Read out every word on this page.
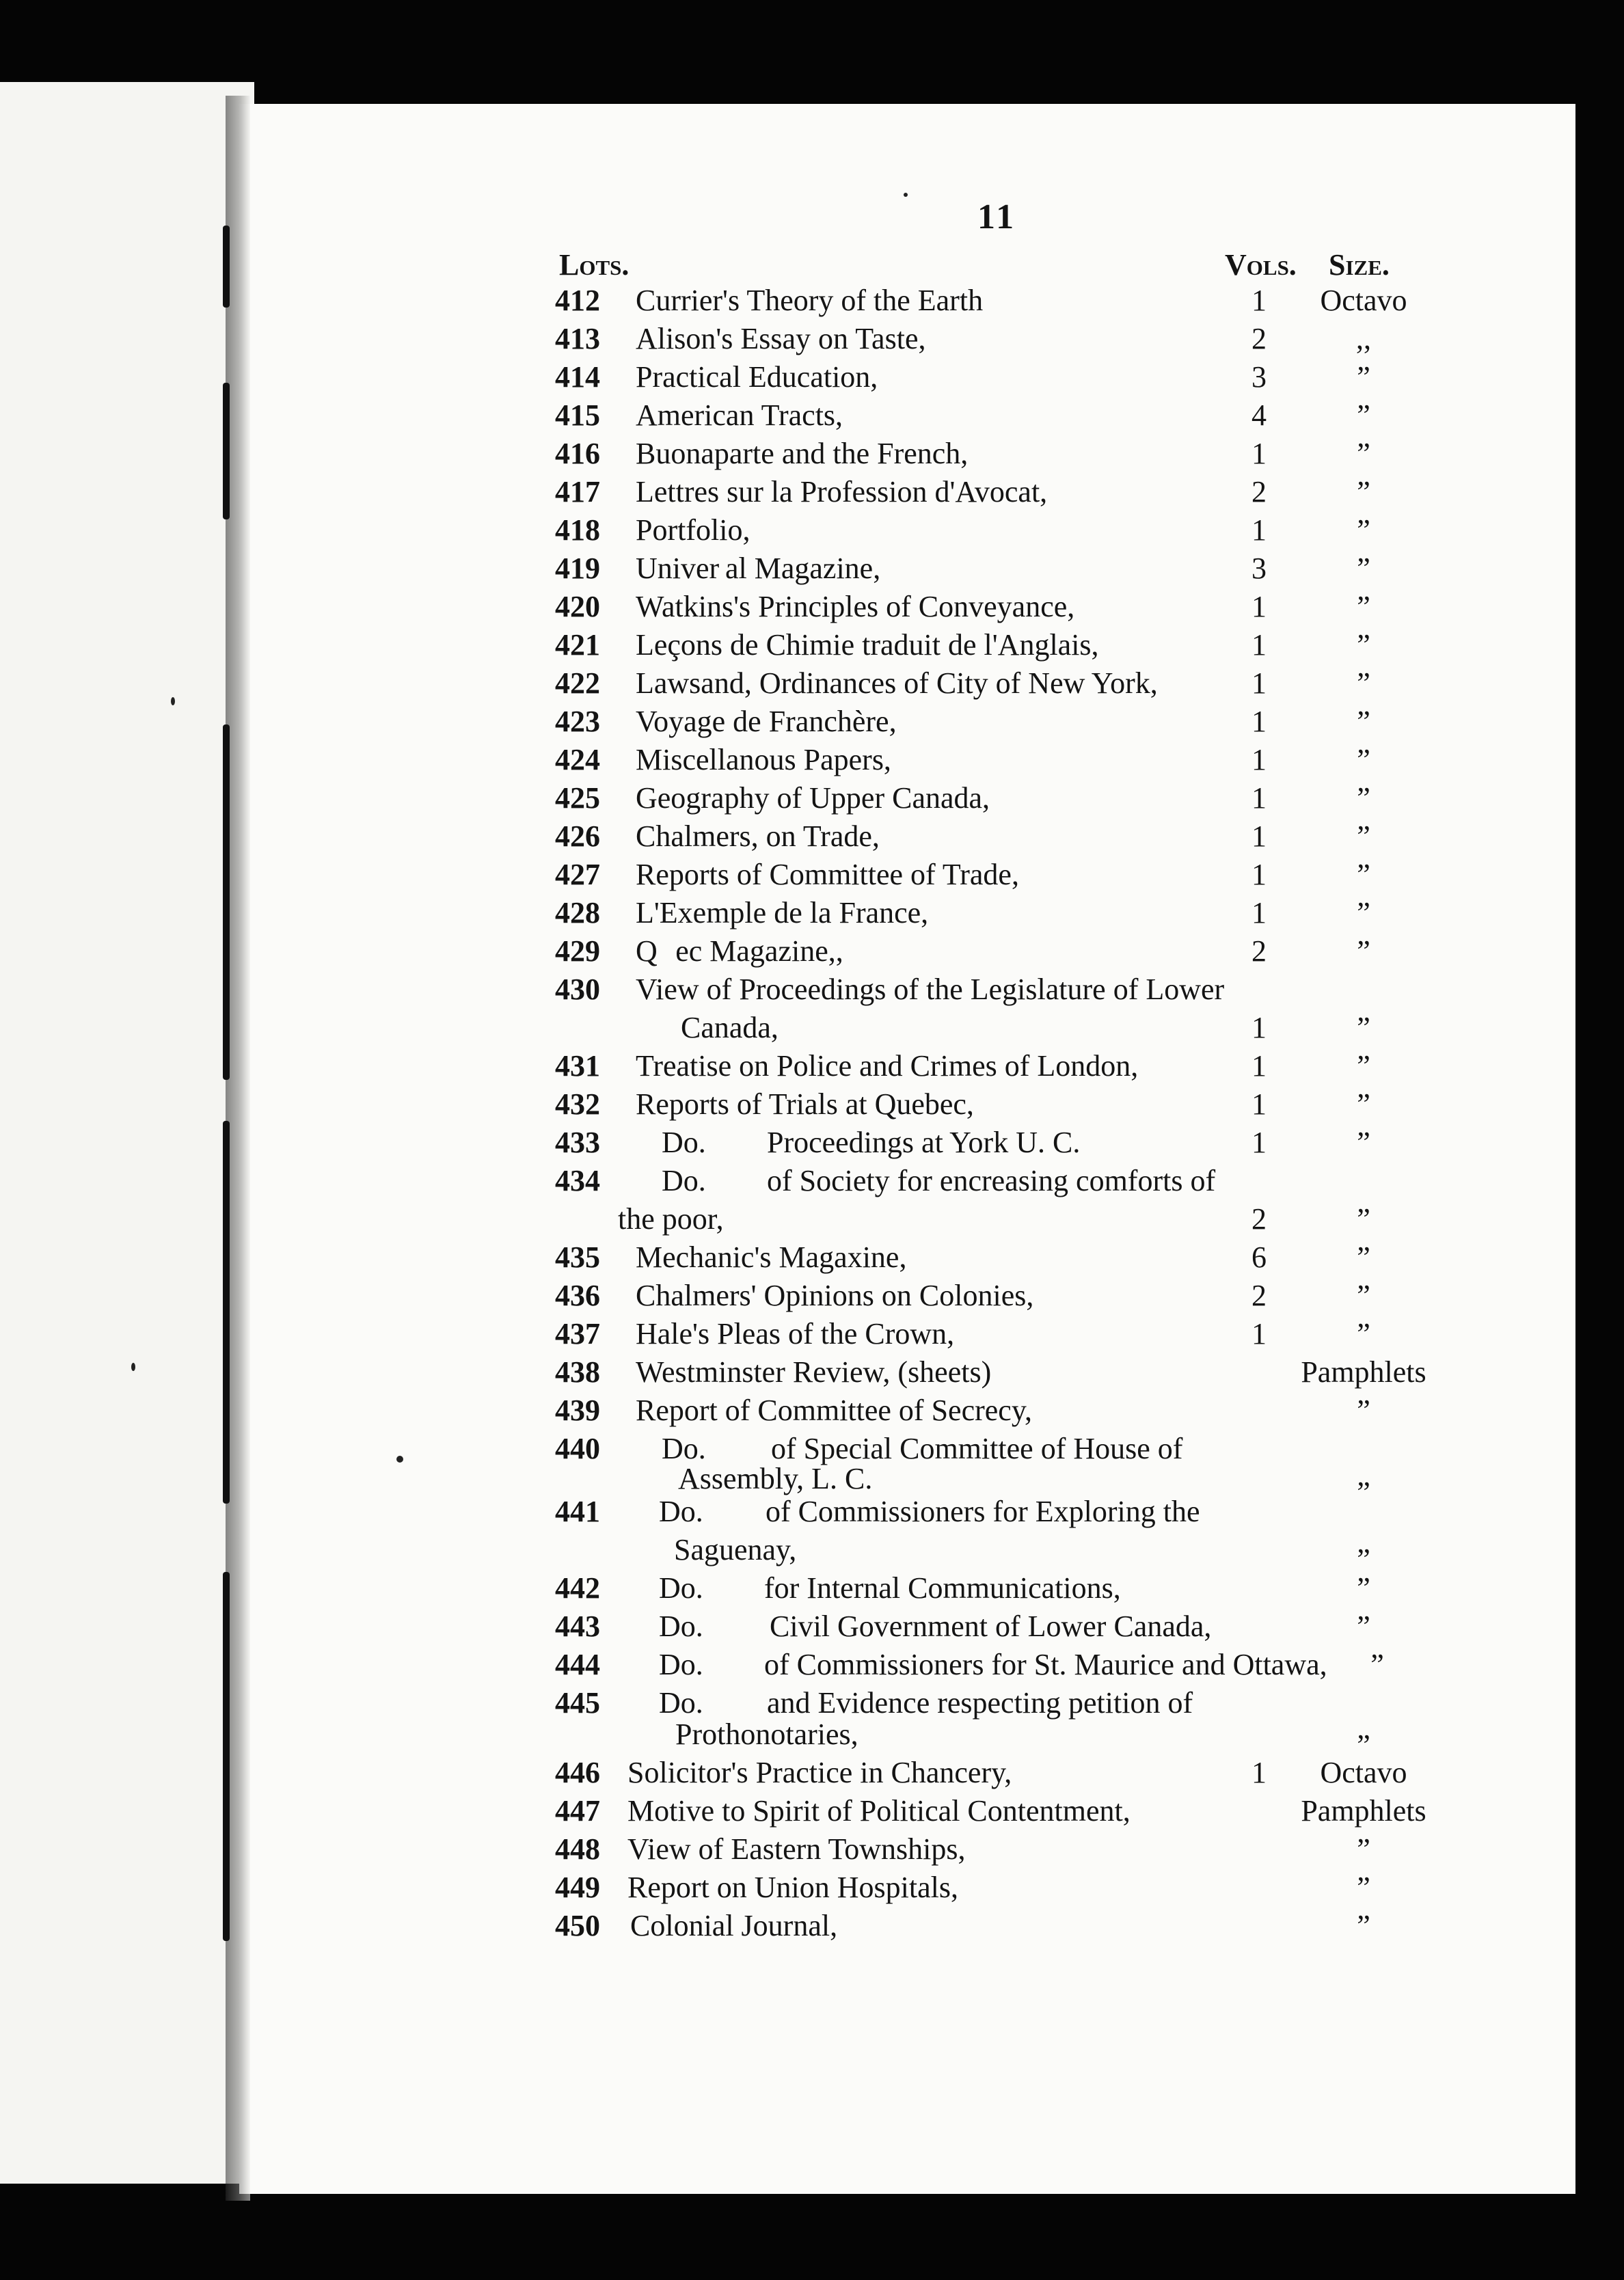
11
Lots.	Vols. Size.
412 Currier's Theory of the Earth	1	Octavo
413 Alison's Essay on Taste,	2	,,
414 Practical Education,	3	”
415 American Tracts,	4	”
416 Buonaparte and the French,	1	”
417 Lettres sur la Profession d'Avocat,	2	”
418 Portfolio,	1	”
419 Univer al Magazine,	3	”
420 Watkins's Principles of Conveyance,	1	”
421 Leçons de Chimie traduit de l'Anglais,	1	”
422 Lawsand, Ordinances of City of New York,	1	”
423 Voyage de Franchère,	1	”
424 Miscellanous Papers,	1	”
425 Geography of Upper Canada,	1	”
426 Chalmers, on Trade,	1	”
427 Reports of Committee of Trade,	1	”
428 L'Exemple de la France,	1	”
429 Q   ec Magazine,,	2	”
430 View of Proceedings of the Legislature of Lower
Canada,	1	”
431 Treatise on Police and Crimes of London,	1	”
432 Reports of Trials at Quebec,	1	”
433 Do. Proceedings at York U. C.	1	”
434 Do. of Society for encreasing comforts of
the poor,	2	”
435 Mechanic's Magaxine,	6	”
436 Chalmers' Opinions on Colonies,	2	”
437 Hale's Pleas of the Crown,	1	”
438 Westminster Review, (sheets)	Pamphlets
439 Report of Committee of Secrecy,	”
440 Do. of Special Committee of House of
Assembly, L. C.	”
441 Do. of Commissioners for Exploring the
Saguenay,	”
442 Do. for Internal Communications,	”
443 Do. Civil Government of Lower Canada,	”
444 Do. of Commissioners for St. Maurice and Ottawa,	”
445 Do. and Evidence respecting petition of
Prothonotaries,	”
446 Solicitor's Practice in Chancery,	1	Octavo
447 Motive to Spirit of Political Contentment,	Pamphlets
448 View of Eastern Townships,	”
449 Report on Union Hospitals,	”
450 Colonial Journal,	”
